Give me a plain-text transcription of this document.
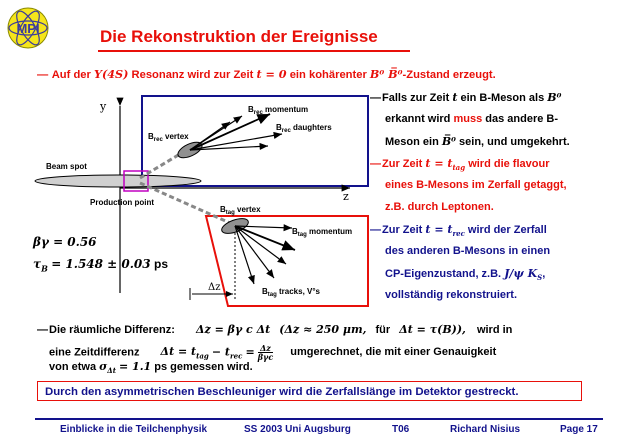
MPI	Die Rekonstruktion der Ereignisse
— Auf der Υ(4S) Resonanz wird zur Zeit t = 0 ein kohärenter B⁰ B̅⁰-Zustand erzeugt.
y
z
$B_{rec}$ vertex
$B_{rec}$ momentum
$B_{rec}$ daughters
Beam spot
Production point
$B_{tag}$ vertex
$B_{tag}$ momentum
$B_{tag}$ tracks, V°s
Δz
βγ = 0.56
$\tau_B = 1.548 \pm 0.03$ ps
—Falls zur Zeit t ein B-Meson als B⁰
erkannt wird muss das andere B-
Meson ein B̅⁰ sein, und umgekehrt.
—Zur Zeit $t = t_{tag}$ wird die flavour
eines B-Mesons im Zerfall getaggt,
z.B. durch Leptonen.
—Zur Zeit $t = t_{rec}$ wird der Zerfall
des anderen B-Mesons in einen
CP-Eigenzustand, z.B. J/ψ $K_S$,
vollständig rekonstruiert.
—Die räumliche Differenz: Δz = βγ c Δt (Δz ≈ 250 μm, für Δt = τ(B)), wird in
eine Zeitdifferenz $\Delta t = t_{tag} - t_{rec} = \Delta z$
βγc umgerechnet, die mit einer Genauigkeit
von etwa $\sigma_{\Delta t} = 1.1$ ps gemessen wird.
Durch den asymmetrischen Beschleuniger wird die Zerfallslänge im Detektor gestreckt.
Einblicke in die Teilchenphysik	SS 2003 Uni Augsburg	T06	Richard Nisius	Page 17
